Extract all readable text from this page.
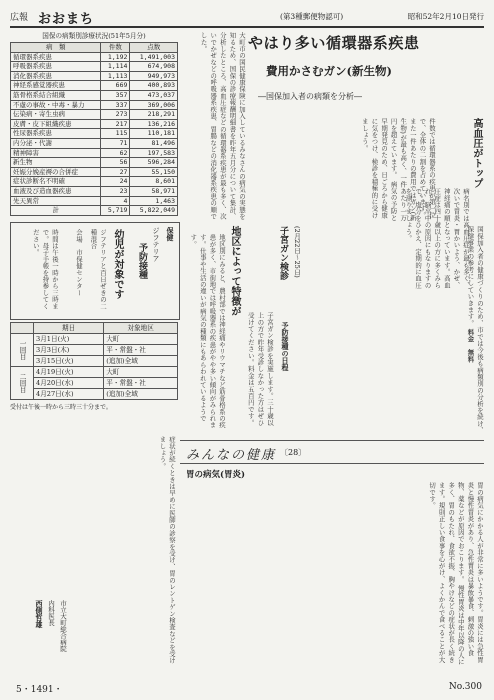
広報 おおまち	(第3種郵便物認可)	昭和52年2月10日発行
国保の病類別診療状況(51年5月分)
病　類	件数	点数
循環器系疾患	1,192	1,491,003
呼吸器系疾患	1,114	674,908
消化器系疾患	1,113	949,973
神経系感覚器疾患	669	400,893
筋骨格系結合組織	357	473,037
不慮の事故・中毒・暴力	337	369,006
伝染病・寄生虫病	273	218,291
皮膚・皮下組織疾患	217	136,216
性尿器系疾患	115	110,181
内分泌・代謝	71	81,496
精神障害	62	197,583
新生物	56	596,284
妊娠分娩産褥の合併症	27	55,150
症状診断名不明確	24	8,601
血液及び造血器疾患	23	58,971
先天異常	4	1,463
計	5,719	5,822,049
やはり多い循環器系疾患
費用かさむガン(新生物)
―国保加入者の病類を分析―
大町市の国民健康保険に加入しているみなさんの病気の実態を知るため、国保の診療報酬明細書を昨年五月分について集計、分析したところ、高血圧症などの循環器系疾患が最も多く、次いでかぜなどの呼吸器系疾患、胃腸などの消化器系疾患の順でした。
件数では循環器系の疾患が第一位で、全体の二割を占めています。また一件あたりの費用ではガン(新生物)が最も高く、一件あたり一万円を超えています。 病気の予防と早期発見のため、日ごろから健康に気をつけ、検診を積極的に受けましょう。	高血圧がトップ
病名別では高血圧症が最も多く、次いで胃炎・胃かいよう、かぜ、神経痛の順となっています。高血圧症は四十歳以上の方に多くみられ、脳卒中の原因にもなりますので、塩分をひかえ、定期的に血圧を測りましょう。
地区によって特徴が
地区別にみると、農村部では神経痛やリウマチなど筋骨格系の疾患が多く、市街地では呼吸器系の疾患がやや多い傾向がみられます。仕事や生活の違いが病気の種類にもあらわれているようです。	子宮ガン検診 (2月22日〜25日)
子宮ガン検診を実施します。三十歳以上の方で昨年受診しなかった方はぜひ受けてください。料金は五百円です。	予防接種の日程	国保加入者の健康づくりのため、市では今後も病類別の分析を続け、保健事業の参考にしていきます。 料金　無料
保健
ジフテリア
予防接種
幼児が対象です
ジフテリアと百日ぜきの二種混合
会場　市保健センター
時間は午後一時から三時まで。母子手帳を持参してください。
	期日	対象地区
一回目	3月1日(火)	大町
	3月3日(木)	平・常盤・社
	3月15日(火)	(追加)全域
二回目	4月19日(火)	大町
	4月20日(水)	平・常盤・社
	4月27日(水)	(追加)全域
受付は午後一時から三時三十分まで。
みんなの健康 〔28〕
胃の病気(胃炎)
症状が続くときは早めに医師の診察を受け、胃のレントゲン検査などを受けましょう。
胃の病気にかかる人が非常に多いようです。胃炎には急性胃炎と慢性胃炎があり、急性胃炎は暴飲暴食、刺激の強い食物、薬などが原因でおこります。 慢性胃炎は中年以降の人に多く、胃のもたれ、食欲不振、胸やけなどの症状が長く続きます。規則正しい食事を心がけ、よくかんで食べることが大切です。
市立大町総合病院
内科医長
西側哲雄
5・1491・	No.300
